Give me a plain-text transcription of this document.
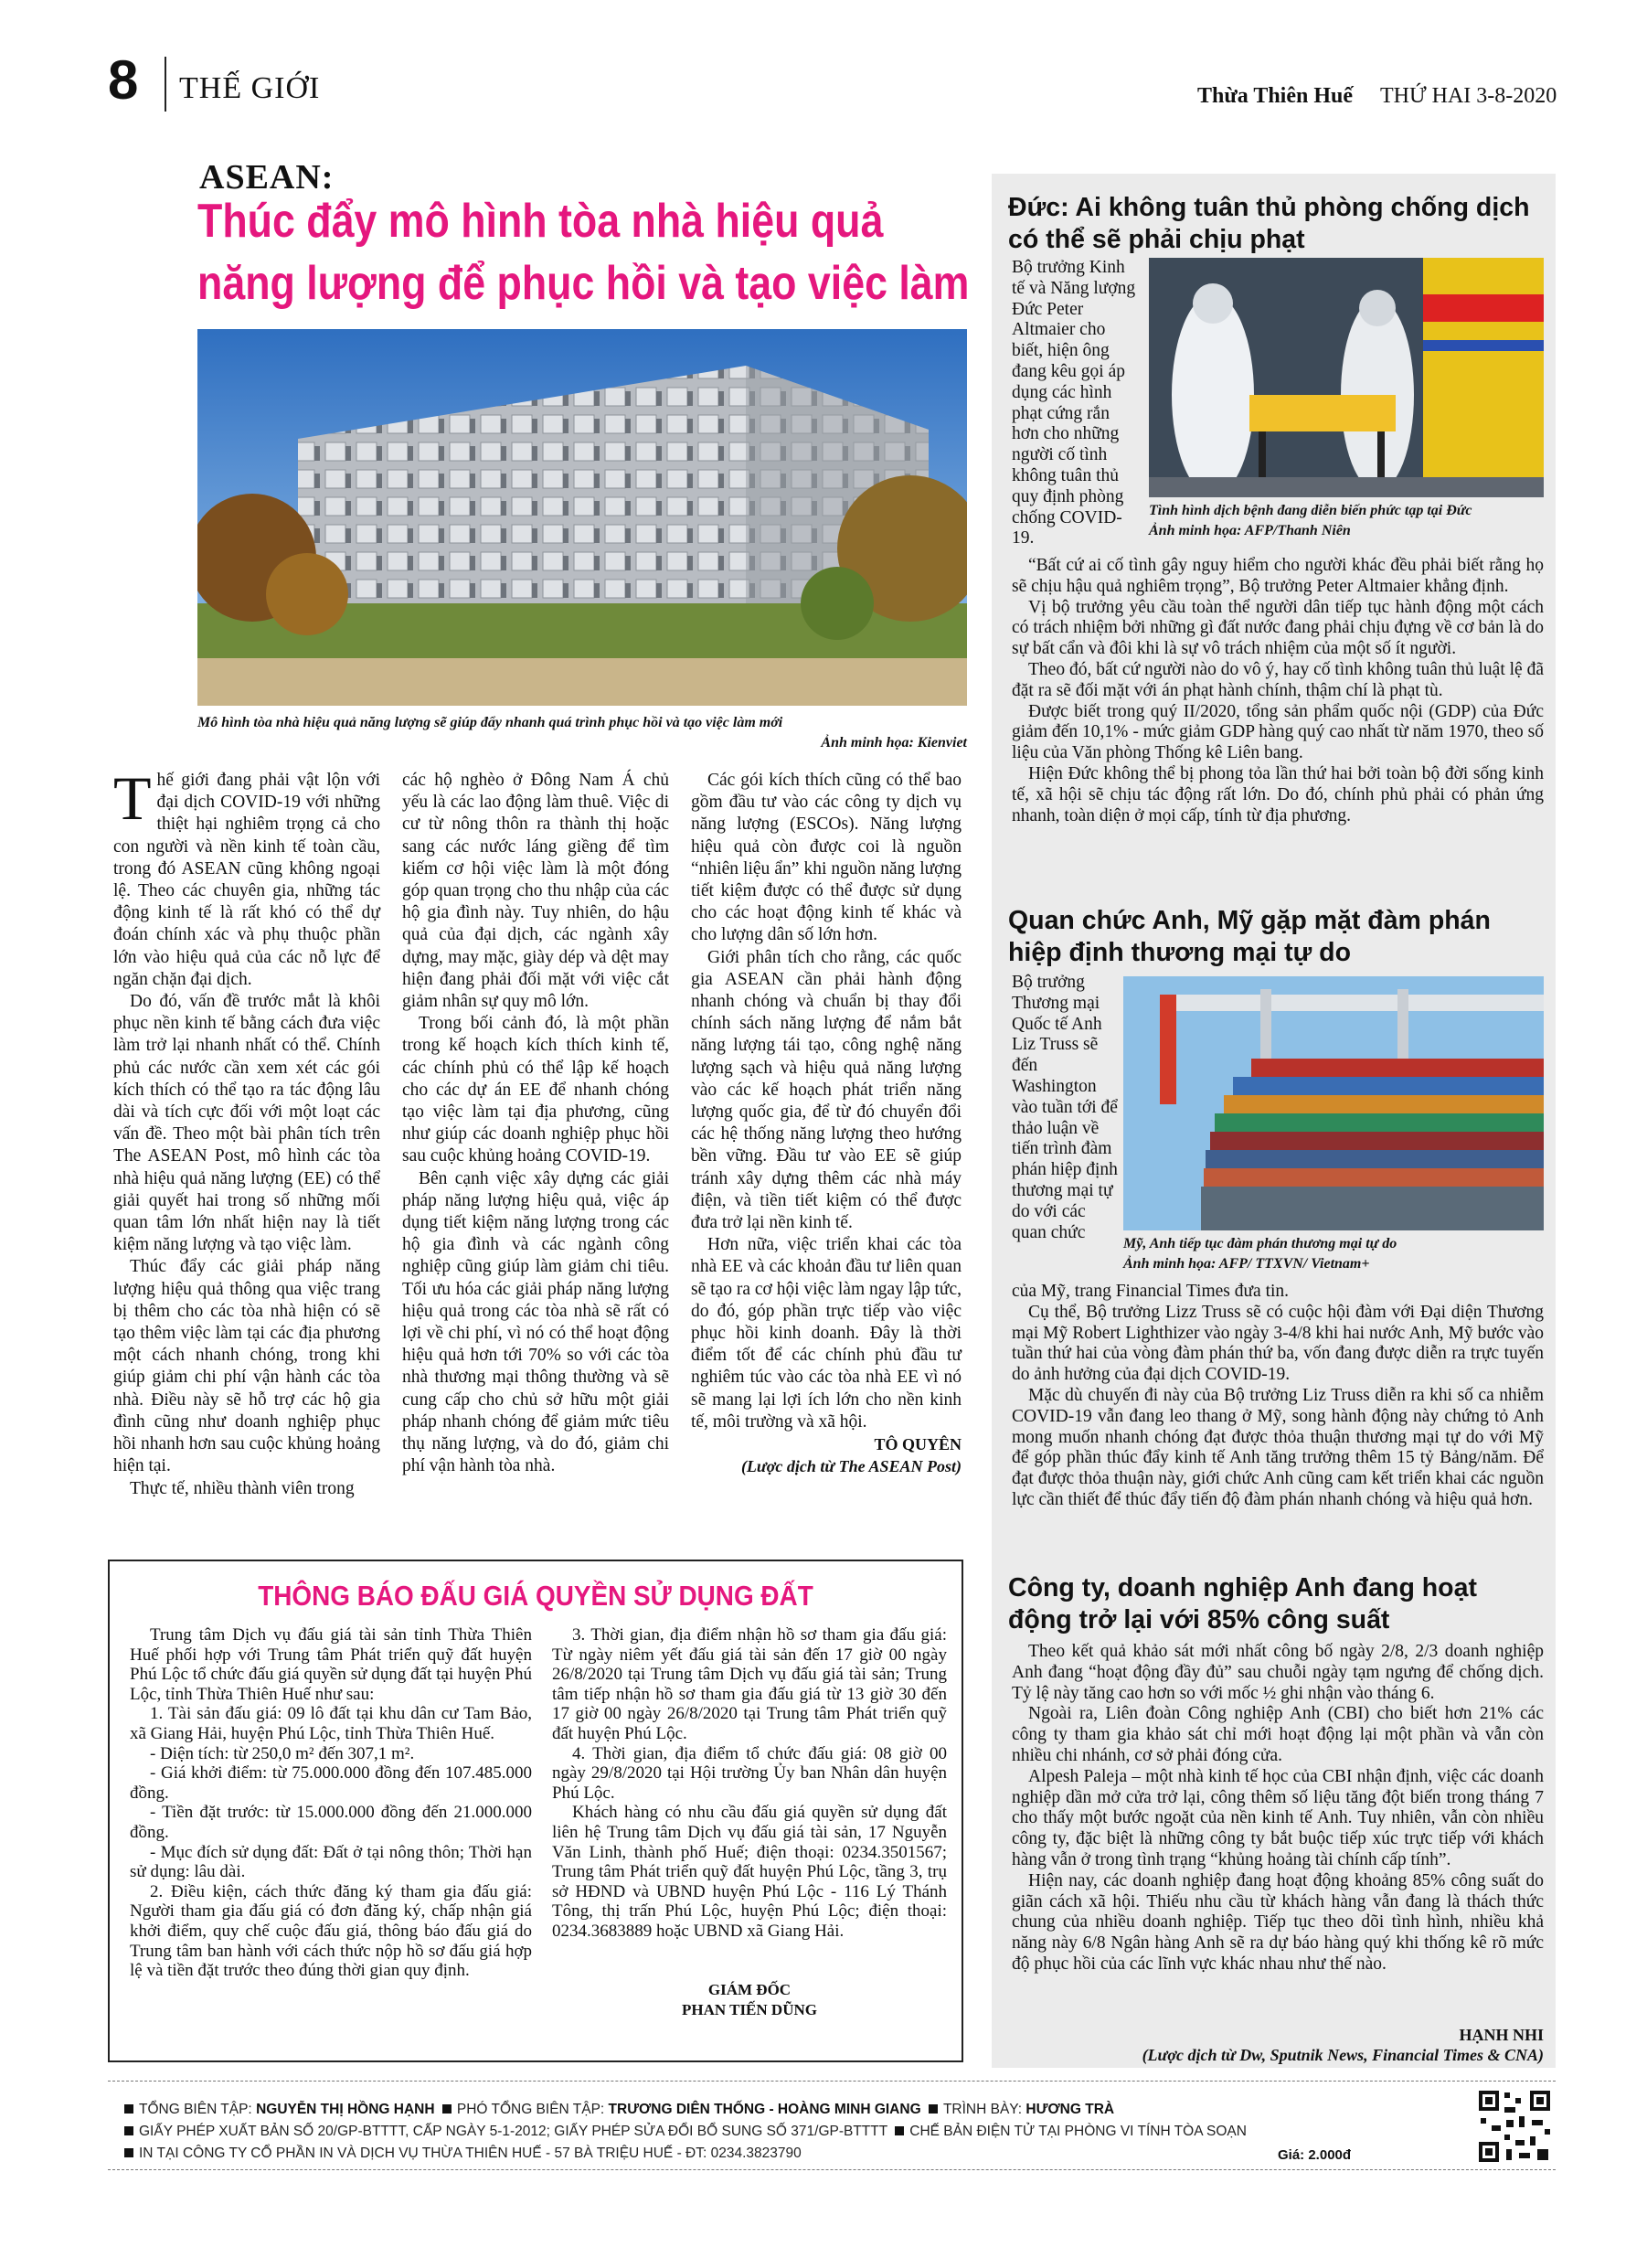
8 THẾ GIỚI	Thừa Thiên Huế THỨ HAI 3-8-2020
ASEAN:
Thúc đẩy mô hình tòa nhà hiệu quả
năng lượng để phục hồi và tạo việc làm
Mô hình tòa nhà hiệu quả năng lượng sẽ giúp đẩy nhanh quá trình phục hồi và tạo việc làm mới
Ảnh minh họa: Kienviet

Thế giới đang phải vật lộn với đại dịch COVID-19 với những thiệt hại nghiêm trọng cả cho con người và nền kinh tế toàn cầu, trong đó ASEAN cũng không ngoại lệ. Theo các chuyên gia, những tác động kinh tế là rất khó có thể dự đoán chính xác và phụ thuộc phần lớn vào hiệu quả của các nỗ lực để ngăn chặn đại dịch.

Do đó, vấn đề trước mắt là khôi phục nền kinh tế bằng cách đưa việc làm trở lại nhanh nhất có thể. Chính phủ các nước cần xem xét các gói kích thích có thể tạo ra tác động lâu dài và tích cực đối với một loạt các vấn đề. Theo một bài phân tích trên The ASEAN Post, mô hình các tòa nhà hiệu quả năng lượng (EE) có thể giải quyết hai trong số những mối quan tâm lớn nhất hiện nay là tiết kiệm năng lượng và tạo việc làm.

Thúc đẩy các giải pháp năng lượng hiệu quả thông qua việc trang bị thêm cho các tòa nhà hiện có sẽ tạo thêm việc làm tại các địa phương một cách nhanh chóng, trong khi giúp giảm chi phí vận hành các tòa nhà. Điều này sẽ hỗ trợ các hộ gia đình cũng như doanh nghiệp phục hồi nhanh hơn sau cuộc khủng hoảng hiện tại.

Thực tế, nhiều thành viên trong

các hộ nghèo ở Đông Nam Á chủ yếu là các lao động làm thuê. Việc di cư từ nông thôn ra thành thị hoặc sang các nước láng giềng để tìm kiếm cơ hội việc làm là một đóng góp quan trọng cho thu nhập của các hộ gia đình này. Tuy nhiên, do hậu quả của đại dịch, các ngành xây dựng, may mặc, giày dép và dệt may hiện đang phải đối mặt với việc cắt giảm nhân sự quy mô lớn.

Trong bối cảnh đó, là một phần trong kế hoạch kích thích kinh tế, các chính phủ có thể lập kế hoạch cho các dự án EE để nhanh chóng tạo việc làm tại địa phương, cũng như giúp các doanh nghiệp phục hồi sau cuộc khủng hoảng COVID-19.

Bên cạnh việc xây dựng các giải pháp năng lượng hiệu quả, việc áp dụng tiết kiệm năng lượng trong các hộ gia đình và các ngành công nghiệp cũng giúp làm giảm chi tiêu. Tối ưu hóa các giải pháp năng lượng hiệu quả trong các tòa nhà sẽ rất có lợi về chi phí, vì nó có thể hoạt động hiệu quả hơn tới 70% so với các tòa nhà thương mại thông thường và sẽ cung cấp cho chủ sở hữu một giải pháp nhanh chóng để giảm mức tiêu thụ năng lượng, và do đó, giảm chi phí vận hành tòa nhà.

Các gói kích thích cũng có thể bao gồm đầu tư vào các công ty dịch vụ năng lượng (ESCOs). Năng lượng hiệu quả còn được coi là nguồn “nhiên liệu ẩn” khi nguồn năng lượng tiết kiệm được có thể được sử dụng cho các hoạt động kinh tế khác và cho lượng dân số lớn hơn.

Giới phân tích cho rằng, các quốc gia ASEAN cần phải hành động nhanh chóng và chuẩn bị thay đổi chính sách năng lượng để nắm bắt năng lượng tái tạo, công nghệ năng lượng sạch và hiệu quả năng lượng vào các kế hoạch phát triển năng lượng quốc gia, để từ đó chuyển đổi các hệ thống năng lượng theo hướng bền vững. Đầu tư vào EE sẽ giúp tránh xây dựng thêm các nhà máy điện, và tiền tiết kiệm có thể được đưa trở lại nền kinh tế.

Hơn nữa, việc triển khai các tòa nhà EE và các khoản đầu tư liên quan sẽ tạo ra cơ hội việc làm ngay lập tức, do đó, góp phần trực tiếp vào việc phục hồi kinh doanh. Đây là thời điểm tốt để các chính phủ đầu tư nghiêm túc vào các tòa nhà EE vì nó sẽ mang lại lợi ích lớn cho nền kinh tế, môi trường và xã hội.

TÔ QUYÊN
(Lược dịch từ The ASEAN Post)
THÔNG BÁO ĐẤU GIÁ QUYỀN SỬ DỤNG ĐẤT

Trung tâm Dịch vụ đấu giá tài sản tỉnh Thừa Thiên Huế phối hợp với Trung tâm Phát triển quỹ đất huyện Phú Lộc tổ chức đấu giá quyền sử dụng đất tại huyện Phú Lộc, tỉnh Thừa Thiên Huế như sau:

1. Tài sản đấu giá: 09 lô đất tại khu dân cư Tam Bảo, xã Giang Hải, huyện Phú Lộc, tỉnh Thừa Thiên Huế.

- Diện tích: từ 250,0 m² đến 307,1 m².

- Giá khởi điểm: từ 75.000.000 đồng đến 107.485.000 đồng.

- Tiền đặt trước: từ 15.000.000 đồng đến 21.000.000 đồng.

- Mục đích sử dụng đất: Đất ở tại nông thôn; Thời hạn sử dụng: lâu dài.

2. Điều kiện, cách thức đăng ký tham gia đấu giá: Người tham gia đấu giá có đơn đăng ký, chấp nhận giá khởi điểm, quy chế cuộc đấu giá, thông báo đấu giá do Trung tâm ban hành với cách thức nộp hồ sơ đấu giá hợp lệ và tiền đặt trước theo đúng thời gian quy định.

3. Thời gian, địa điểm nhận hồ sơ tham gia đấu giá: Từ ngày niêm yết đấu giá tài sản đến 17 giờ 00 ngày 26/8/2020 tại Trung tâm Dịch vụ đấu giá tài sản; Trung tâm tiếp nhận hồ sơ tham gia đấu giá từ 13 giờ 30 đến 17 giờ 00 ngày 26/8/2020 tại Trung tâm Phát triển quỹ đất huyện Phú Lộc.

4. Thời gian, địa điểm tổ chức đấu giá: 08 giờ 00 ngày 29/8/2020 tại Hội trường Ủy ban Nhân dân huyện Phú Lộc.

Khách hàng có nhu cầu đấu giá quyền sử dụng đất liên hệ Trung tâm Dịch vụ đấu giá tài sản, 17 Nguyễn Văn Linh, thành phố Huế; điện thoại: 0234.3501567; Trung tâm Phát triển quỹ đất huyện Phú Lộc, tầng 3, trụ sở HĐND và UBND huyện Phú Lộc - 116 Lý Thánh Tông, thị trấn Phú Lộc, huyện Phú Lộc; điện thoại: 0234.3683889 hoặc UBND xã Giang Hải.

GIÁM ĐỐC
PHAN TIẾN DŨNG
Đức: Ai không tuân thủ phòng chống dịch có thể sẽ phải chịu phạt
Bộ trưởng Kinh tế và Năng lượng Đức Peter Altmaier cho biết, hiện ông đang kêu gọi áp dụng các hình phạt cứng rắn hơn cho những người cố tình không tuân thủ quy định phòng chống COVID-19.
Tình hình dịch bệnh đang diễn biến phức tạp tại Đức
Ảnh minh họa: AFP/Thanh Niên

“Bất cứ ai cố tình gây nguy hiểm cho người khác đều phải biết rằng họ sẽ chịu hậu quả nghiêm trọng”, Bộ trưởng Peter Altmaier khẳng định.

Vị bộ trưởng yêu cầu toàn thể người dân tiếp tục hành động một cách có trách nhiệm bởi những gì đất nước đang phải chịu đựng về cơ bản là do sự bất cẩn và đôi khi là sự vô trách nhiệm của một số ít người.

Theo đó, bất cứ người nào do vô ý, hay cố tình không tuân thủ luật lệ đã đặt ra sẽ đối mặt với án phạt hành chính, thậm chí là phạt tù.

Được biết trong quý II/2020, tổng sản phẩm quốc nội (GDP) của Đức giảm đến 10,1% - mức giảm GDP hàng quý cao nhất từ năm 1970, theo số liệu của Văn phòng Thống kê Liên bang.

Hiện Đức không thể bị phong tỏa lần thứ hai bởi toàn bộ đời sống kinh tế, xã hội sẽ chịu tác động rất lớn. Do đó, chính phủ phải có phản ứng nhanh, toàn diện ở mọi cấp, tính từ địa phương.

Quan chức Anh, Mỹ gặp mặt đàm phán hiệp định thương mại tự do
Bộ trưởng Thương mại Quốc tế Anh Liz Truss sẽ đến Washington vào tuần tới để thảo luận về tiến trình đàm phán hiệp định thương mại tự do với các quan chức
Mỹ, Anh tiếp tục đàm phán thương mại tự do
Ảnh minh họa: AFP/ TTXVN/ Vietnam+

của Mỹ, trang Financial Times đưa tin.

Cụ thể, Bộ trưởng Lizz Truss sẽ có cuộc hội đàm với Đại diện Thương mại Mỹ Robert Lighthizer vào ngày 3-4/8 khi hai nước Anh, Mỹ bước vào tuần thứ hai của vòng đàm phán thứ ba, vốn đang được diễn ra trực tuyến do ảnh hưởng của đại dịch COVID-19.

Mặc dù chuyến đi này của Bộ trưởng Liz Truss diễn ra khi số ca nhiễm COVID-19 vẫn đang leo thang ở Mỹ, song hành động này chứng tỏ Anh mong muốn nhanh chóng đạt được thỏa thuận thương mại tự do với Mỹ để góp phần thúc đẩy kinh tế Anh tăng trưởng thêm 15 tỷ Bảng/năm. Để đạt được thỏa thuận này, giới chức Anh cũng cam kết triển khai các nguồn lực cần thiết để thúc đẩy tiến độ đàm phán nhanh chóng và hiệu quả hơn.

Công ty, doanh nghiệp Anh đang hoạt động trở lại với 85% công suất

Theo kết quả khảo sát mới nhất công bố ngày 2/8, 2/3 doanh nghiệp Anh đang “hoạt động đầy đủ” sau chuỗi ngày tạm ngưng để chống dịch. Tỷ lệ này tăng cao hơn so với mốc ½ ghi nhận vào tháng 6.

Ngoài ra, Liên đoàn Công nghiệp Anh (CBI) cho biết hơn 21% các công ty tham gia khảo sát chỉ mới hoạt động lại một phần và vẫn còn nhiều chi nhánh, cơ sở phải đóng cửa.

Alpesh Paleja – một nhà kinh tế học của CBI nhận định, việc các doanh nghiệp dần mở cửa trở lại, công thêm số liệu tăng đột biến trong tháng 7 cho thấy một bước ngoặt của nền kinh tế Anh. Tuy nhiên, vẫn còn nhiều công ty, đặc biệt là những công ty bắt buộc tiếp xúc trực tiếp với khách hàng vẫn ở trong tình trạng “khủng hoảng tài chính cấp tính”.

Hiện nay, các doanh nghiệp đang hoạt động khoảng 85% công suất do giãn cách xã hội. Thiếu nhu cầu từ khách hàng vẫn đang là thách thức chung của nhiều doanh nghiệp. Tiếp tục theo dõi tình hình, nhiều khả năng này 6/8 Ngân hàng Anh sẽ ra dự báo hàng quý khi thống kê rõ mức độ phục hồi của các lĩnh vực khác nhau như thế nào.

HẠNH NHI
(Lược dịch từ Dw, Sputnik News, Financial Times & CNA)
TỔNG BIÊN TẬP: NGUYỄN THỊ HỒNG HẠNH PHÓ TỔNG BIÊN TẬP: TRƯƠNG DIÊN THỐNG - HOÀNG MINH GIANG TRÌNH BÀY: HƯƠNG TRÀ
GIẤY PHÉP XUẤT BẢN SỐ 20/GP-BTTTT, CẤP NGÀY 5-1-2012; GIẤY PHÉP SỬA ĐỔI BỔ SUNG SỐ 371/GP-BTTTT CHẾ BẢN ĐIỆN TỬ TẠI PHÒNG VI TÍNH TÒA SOẠN
IN TẠI CÔNG TY CỔ PHẦN IN VÀ DỊCH VỤ THỪA THIÊN HUẾ - 57 BÀ TRIỆU HUẾ - ĐT: 0234.3823790	Giá: 2.000đ
